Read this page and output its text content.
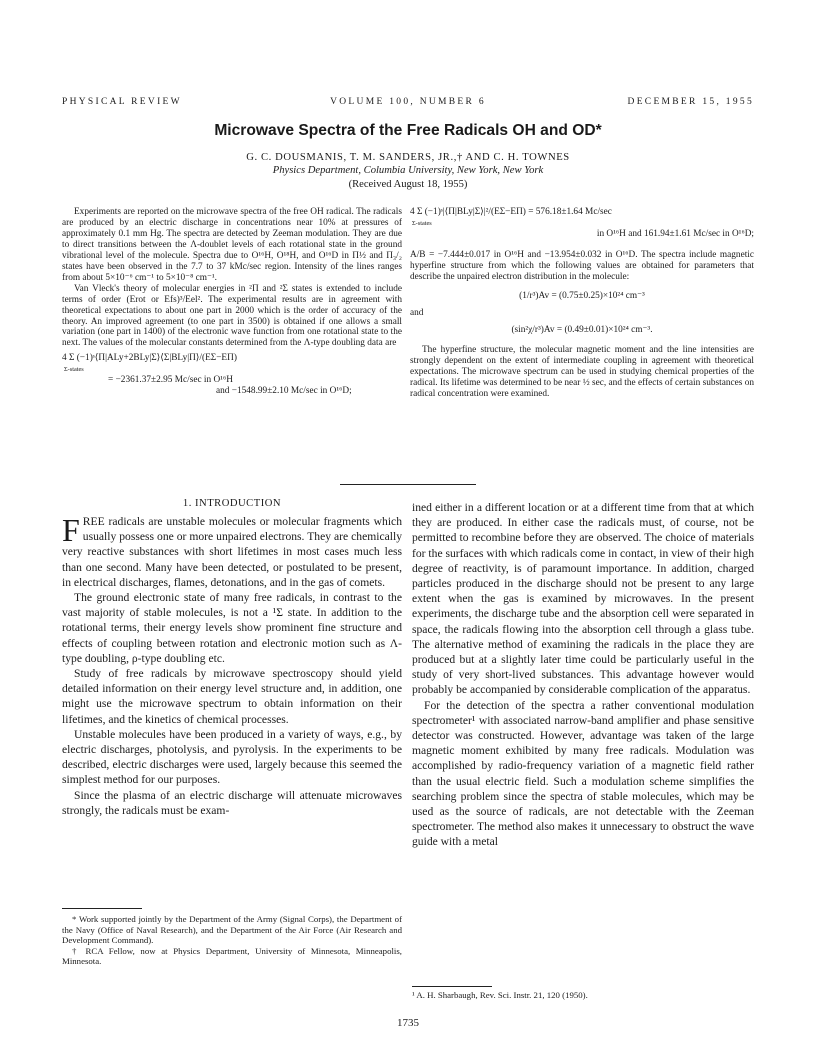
PHYSICAL REVIEW	VOLUME 100, NUMBER 6	DECEMBER 15, 1955
Microwave Spectra of the Free Radicals OH and OD*
G. C. DOUSMANIS, T. M. SANDERS, JR.,† AND C. H. TOWNES
Physics Department, Columbia University, New York, New York
(Received August 18, 1955)

Experiments are reported on the microwave spectra of the free OH radical. The radicals are produced by an electric discharge in concentrations near 10% at pressures of approximately 0.1 mm Hg. The spectra are detected by Zeeman modulation. They are due to direct transitions between the Λ-doublet levels of each rotational state in the ground vibrational level of the molecule. Spectra due to O¹⁶H, O¹⁸H, and O¹⁶D in Π½ and Π₃/₂ states have been observed in the 7.7 to 37 kMc/sec region. Intensity of the lines ranges from about 5×10⁻⁶ cm⁻¹ to 5×10⁻⁸ cm⁻¹.

Van Vleck's theory of molecular energies in ²Π and ²Σ states is extended to include terms of order (Erot or Efs)³/Eel². The experimental results are in agreement with theoretical expectations to about one part in 2000 which is the order of accuracy of the theory. An improved agreement (to one part in 3500) is obtained if one allows a small variation (one part in 1400) of the electronic wave function from one rotational state to the next. The values of the molecular constants determined from the Λ-type doubling data are

4 Σ (−1)ˢ⟨Π|ALy+2BLy|Σ⟩⟨Σ|BLy|Π⟩/(EΣ−EΠ)
Σ-states
= −2361.37±2.95 Mc/sec in O¹⁶H
and −1548.99±2.10 Mc/sec in O¹⁶D;
4 Σ (−1)ˢ|⟨Π|BLy|Σ⟩|²/(EΣ−EΠ) = 576.18±1.64 Mc/sec
Σ-states
in O¹⁶H and 161.94±1.61 Mc/sec in O¹⁶D;

A/B = −7.444±0.017 in O¹⁶H and −13.954±0.032 in O¹⁶D. The spectra include magnetic hyperfine structure from which the following values are obtained for parameters that describe the unpaired electron distribution in the molecule:

(1/r³)Av = (0.75±0.25)×10²⁴ cm⁻³
and
(sin²χ/r³)Av = (0.49±0.01)×10²⁴ cm⁻³.

The hyperfine structure, the molecular magnetic moment and the line intensities are strongly dependent on the extent of intermediate coupling in agreement with theoretical expectations. The microwave spectrum can be used in studying chemical properties of the radical. Its lifetime was determined to be near ½ sec, and the effects of certain substances on radical concentration were examined.

1. INTRODUCTION

FREE radicals are unstable molecules or molecular fragments which usually possess one or more unpaired electrons. They are chemically very reactive substances with short lifetimes in most cases much less than one second. Many have been detected, or postulated to be present, in electrical discharges, flames, detonations, and in the gas of comets.

The ground electronic state of many free radicals, in contrast to the vast majority of stable molecules, is not a ¹Σ state. In addition to the rotational terms, their energy levels show prominent fine structure and effects of coupling between rotation and electronic motion such as Λ-type doubling, ρ-type doubling etc.

Study of free radicals by microwave spectroscopy should yield detailed information on their energy level structure and, in addition, one might use the microwave spectrum to obtain information on their lifetimes, and the kinetics of chemical processes.

Unstable molecules have been produced in a variety of ways, e.g., by electric discharges, photolysis, and pyrolysis. In the experiments to be described, electric discharges were used, largely because this seemed the simplest method for our purposes.

Since the plasma of an electric discharge will attenuate microwaves strongly, the radicals must be exam-

* Work supported jointly by the Department of the Army (Signal Corps), the Department of the Navy (Office of Naval Research), and the Department of the Air Force (Air Research and Development Command).

† RCA Fellow, now at Physics Department, University of Minnesota, Minneapolis, Minnesota.

ined either in a different location or at a different time from that at which they are produced. In either case the radicals must, of course, not be permitted to recombine before they are observed. The choice of materials for the surfaces with which radicals come in contact, in view of their high degree of reactivity, is of paramount importance. In addition, charged particles produced in the discharge should not be present to any large extent when the gas is examined by microwaves. In the present experiments, the discharge tube and the absorption cell were separated in space, the radicals flowing into the absorption cell through a glass tube. The alternative method of examining the radicals in the place they are produced but at a slightly later time could be particularly useful in the study of very short-lived substances. This advantage however would probably be accompanied by considerable complication of the apparatus.

For the detection of the spectra a rather conventional modulation spectrometer¹ with associated narrow-band amplifier and phase sensitive detector was constructed. However, advantage was taken of the large magnetic moment exhibited by many free radicals. Modulation was accomplished by radio-frequency variation of a magnetic field rather than the usual electric field. Such a modulation scheme simplifies the searching problem since the spectra of stable molecules, which may be used as the source of radicals, are not detectable with the Zeeman spectrometer. The method also makes it unnecessary to obstruct the wave guide with a metal

¹ A. H. Sharbaugh, Rev. Sci. Instr. 21, 120 (1950).
1735
